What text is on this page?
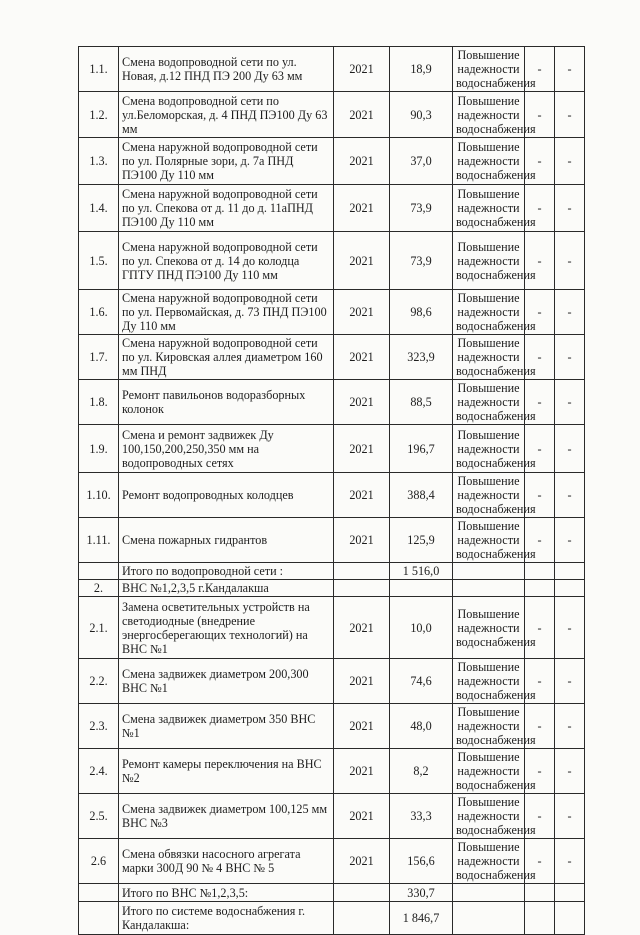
1.1.	Смена водопроводной сети по ул. Новая, д.12 ПНД ПЭ 200 Ду 63 мм	2021	18,9	Повышение надежности водоснабжения	-	-
1.2.	Смена водопроводной сети по ул.Беломорская, д. 4 ПНД ПЭ100 Ду 63 мм	2021	90,3	Повышение надежности водоснабжения	-	-
1.3.	Смена наружной водопроводной сети по ул. Полярные зори, д. 7а ПНД ПЭ100 Ду 110 мм	2021	37,0	Повышение надежности водоснабжения	-	-
1.4.	Смена наружной водопроводной сети по ул. Спекова от д. 11 до д. 11аПНД ПЭ100 Ду 110 мм	2021	73,9	Повышение надежности водоснабжения	-	-
1.5.	Смена наружной водопроводной сети по ул. Спекова от д. 14 до колодца ГПТУ ПНД ПЭ100 Ду 110 мм	2021	73,9	Повышение надежности водоснабжения	-	-
1.6.	Смена наружной водопроводной сети по ул. Первомайская, д. 73 ПНД ПЭ100 Ду 110 мм	2021	98,6	Повышение надежности водоснабжения	-	-
1.7.	Смена наружной водопроводной сети по ул. Кировская аллея диаметром 160 мм ПНД	2021	323,9	Повышение надежности водоснабжения	-	-
1.8.	Ремонт павильонов водоразборных колонок	2021	88,5	Повышение надежности водоснабжения	-	-
1.9.	Смена и ремонт задвижек Ду 100,150,200,250,350 мм на водопроводных сетях	2021	196,7	Повышение надежности водоснабжения	-	-
1.10.	Ремонт водопроводных колодцев	2021	388,4	Повышение надежности водоснабжения	-	-
1.11.	Смена пожарных гидрантов	2021	125,9	Повышение надежности водоснабжения	-	-
	Итого по водопроводной сети :		1 516,0			
2.	ВНС №1,2,3,5 г.Кандалакша					
2.1.	Замена осветительных устройств на светодиодные (внедрение энергосберегающих технологий) на ВНС №1	2021	10,0	Повышение надежности водоснабжения	-	-
2.2.	Смена задвижек диаметром 200,300 ВНС №1	2021	74,6	Повышение надежности водоснабжения	-	-
2.3.	Смена задвижек диаметром 350 ВНС №1	2021	48,0	Повышение надежности водоснабжения	-	-
2.4.	Ремонт камеры переключения на ВНС №2	2021	8,2	Повышение надежности водоснабжения	-	-
2.5.	Смена задвижек диаметром 100,125 мм ВНС №3	2021	33,3	Повышение надежности водоснабжения	-	-
2.6	Смена обвязки насосного агрегата марки 300Д 90 № 4 ВНС № 5	2021	156,6	Повышение надежности водоснабжения	-	-
	Итого по ВНС №1,2,3,5:		330,7			
	Итого по системе водоснабжения г. Кандалакша:		1 846,7			
